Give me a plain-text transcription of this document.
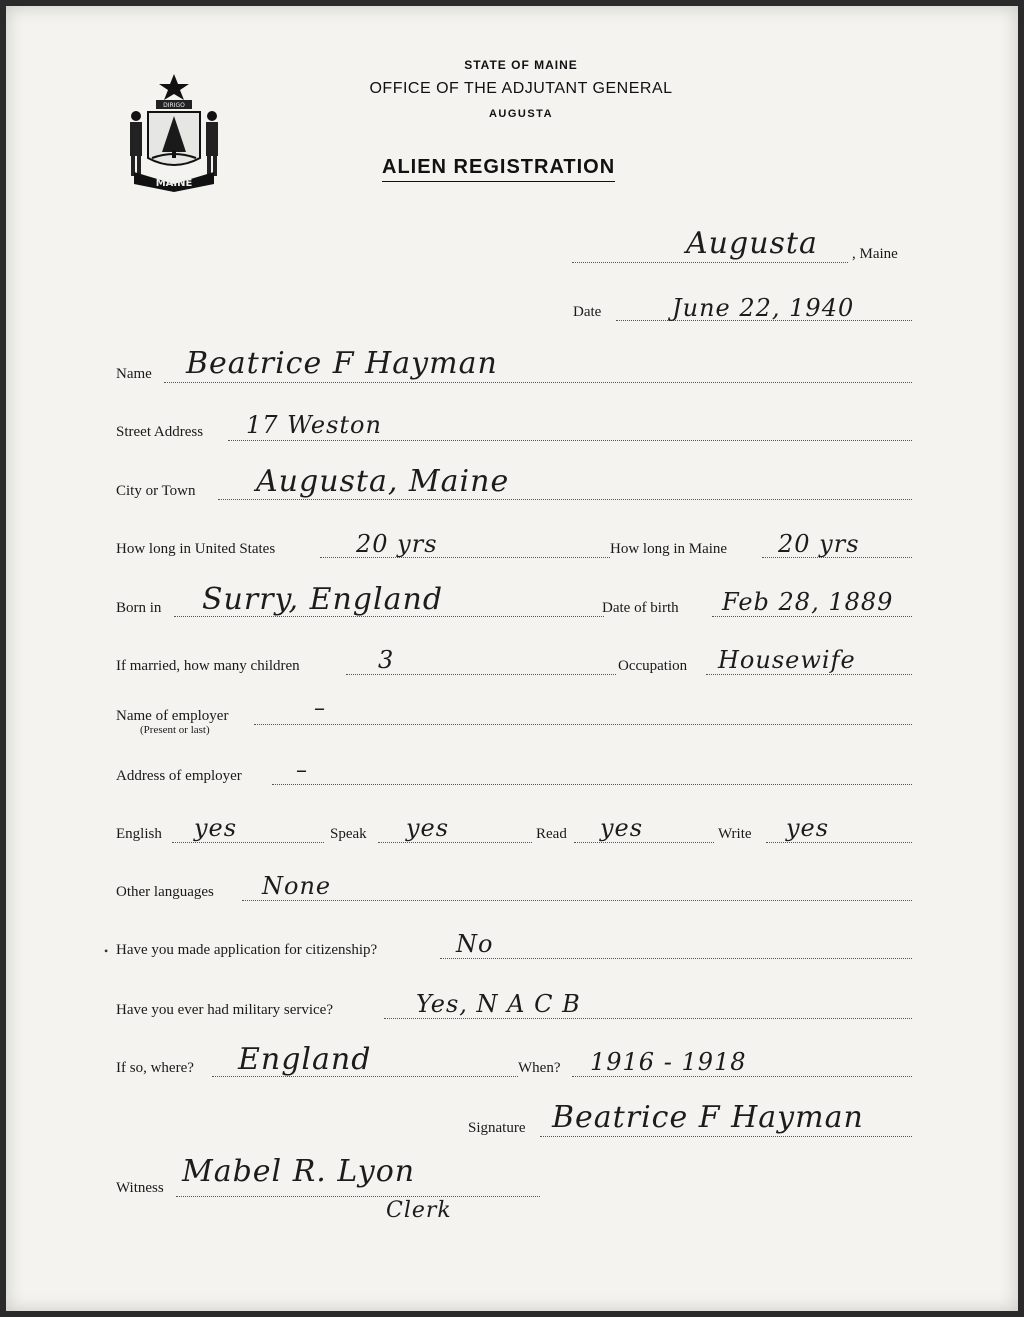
DIRIGO
MAINE
STATE OF MAINE
OFFICE OF THE ADJUTANT GENERAL
AUGUSTA
ALIEN REGISTRATION
Augusta , Maine
Date	June 22, 1940
Name Beatrice F Hayman
Street Address 17 Weston
City or Town Augusta, Maine
How long in United States	20 yrs	How long in Maine 20 yrs
Born in Surry, England	Date of birth Feb 28, 1889
If married, how many children	3	Occupation Housewife
Name of employer
(Present or last)
–
Address of employer –
English yes	Speak yes	Read yes	Write yes
Other languages None
• Have you made application for citizenship?	No
Have you ever had military service?	Yes, N A C B
If so, where? England	When? 1916 - 1918
Signature Beatrice F Hayman
Witness Mabel R. Lyon
Clerk
